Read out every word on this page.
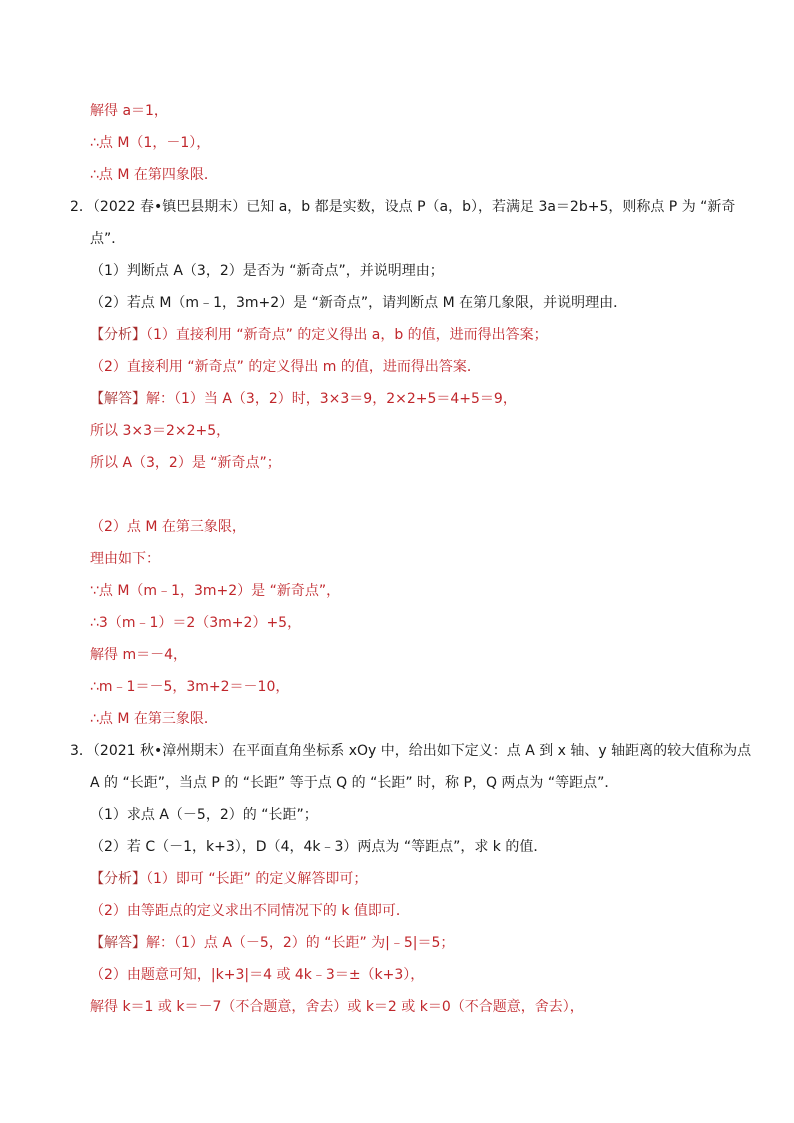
解得 a＝1，
∴点 M（1，－1），
∴点 M 在第四象限．
2．（2022 春•镇巴县期末）已知 a，b 都是实数，设点 P（a，b），若满足 3a＝2b+5，则称点 P 为 “新奇
点”．
（1）判断点 A（3，2）是否为 “新奇点”，并说明理由；
（2）若点 M（m﹣1，3m+2）是 “新奇点”，请判断点 M 在第几象限，并说明理由．
【分析】（1）直接利用 “新奇点” 的定义得出 a，b 的值，进而得出答案；
（2）直接利用 “新奇点” 的定义得出 m 的值，进而得出答案．
【解答】解：（1）当 A（3，2）时，3×3＝9，2×2+5＝4+5＝9，
所以 3×3＝2×2+5，
所以 A（3，2）是 “新奇点”；
（2）点 M 在第三象限，
理由如下：
∵点 M（m﹣1，3m+2）是 “新奇点”，
∴3（m﹣1）＝2（3m+2）+5，
解得 m＝－4，
∴m﹣1＝－5，3m+2＝－10，
∴点 M 在第三象限．
3．（2021 秋•漳州期末）在平面直角坐标系 xOy 中，给出如下定义：点 A 到 x 轴、y 轴距离的较大值称为点
A 的 “长距”，当点 P 的 “长距” 等于点 Q 的 “长距” 时，称 P，Q 两点为 “等距点”．
（1）求点 A（－5，2）的 “长距”；
（2）若 C（－1，k+3），D（4，4k﹣3）两点为 “等距点”，求 k 的值．
【分析】（1）即可 “长距” 的定义解答即可；
（2）由等距点的定义求出不同情况下的 k 值即可．
【解答】解：（1）点 A（－5，2）的 “长距” 为|﹣5|＝5；
（2）由题意可知，|k+3|＝4 或 4k﹣3＝±（k+3），
解得 k＝1 或 k＝－7（不合题意，舍去）或 k＝2 或 k＝0（不合题意，舍去），
